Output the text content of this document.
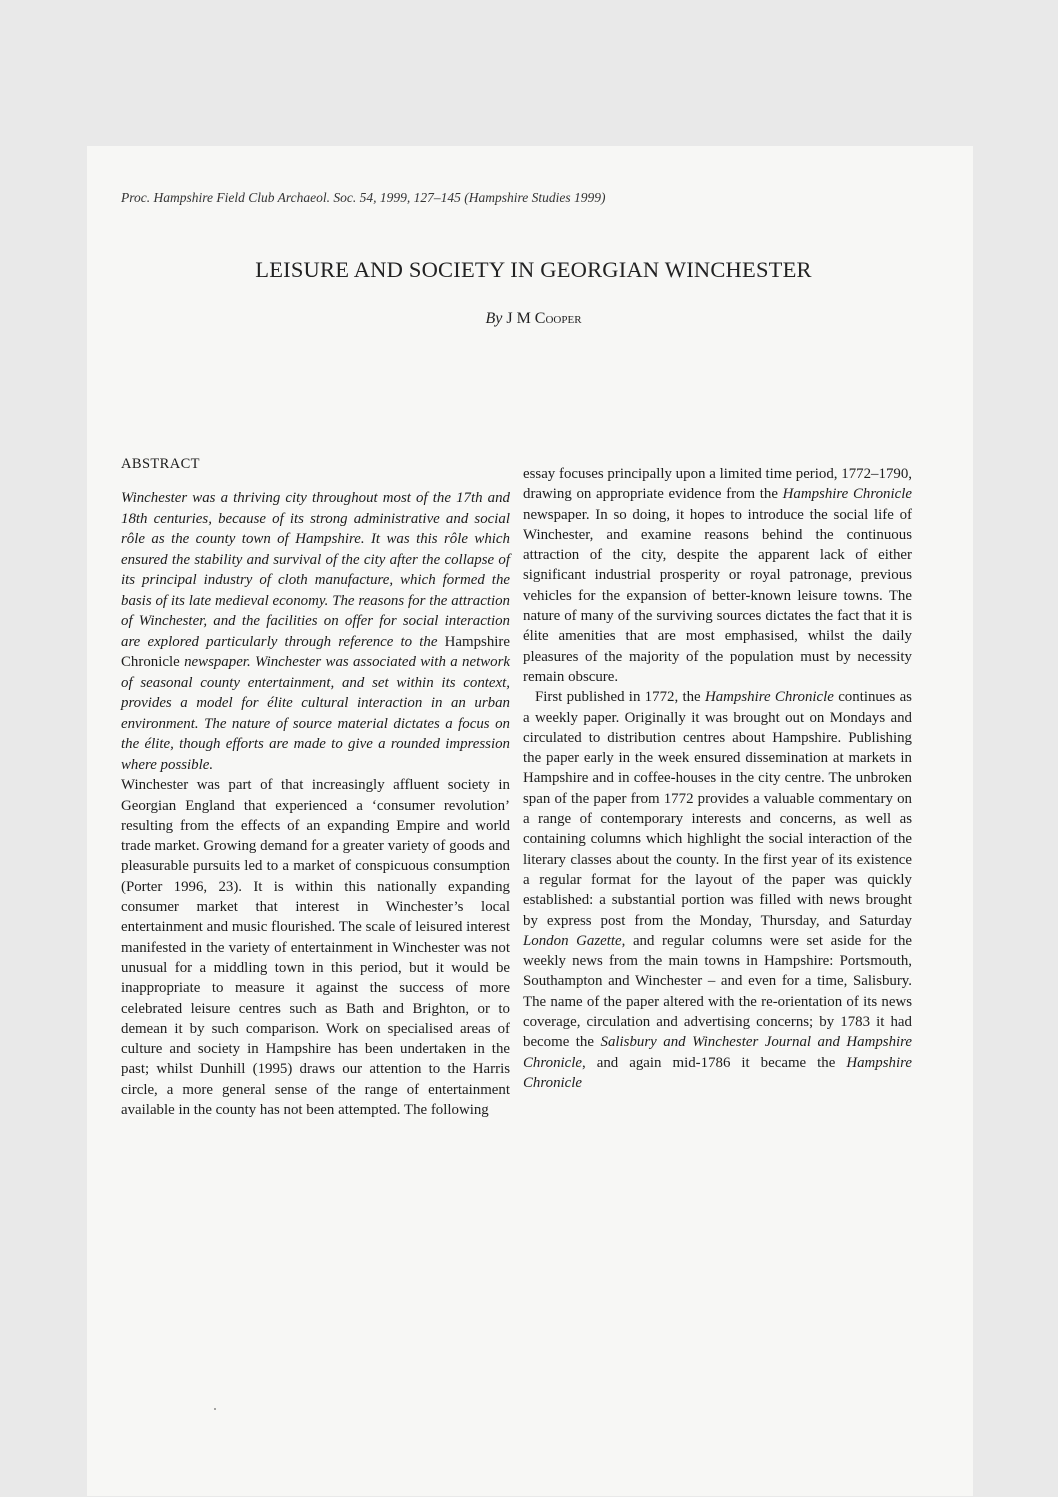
Proc. Hampshire Field Club Archaeol. Soc. 54, 1999, 127–145 (Hampshire Studies 1999)
LEISURE AND SOCIETY IN GEORGIAN WINCHESTER
By J M Cooper
ABSTRACT

Winchester was a thriving city throughout most of the 17th and 18th centuries, because of its strong administrative and social rôle as the county town of Hampshire. It was this rôle which ensured the stability and survival of the city after the collapse of its principal industry of cloth manufacture, which formed the basis of its late medieval economy. The reasons for the attraction of Winchester, and the facilities on offer for social interaction are explored particularly through reference to the Hampshire Chronicle newspaper. Winchester was associated with a network of seasonal county entertainment, and set within its context, provides a model for élite cultural interaction in an urban environment. The nature of source material dictates a focus on the élite, though efforts are made to give a rounded impression where possible.

Winchester was part of that increasingly affluent society in Georgian England that experienced a ‘consumer revolution’ resulting from the effects of an expanding Empire and world trade market. Growing demand for a greater variety of goods and pleasurable pursuits led to a market of conspicuous consumption (Porter 1996, 23). It is within this nationally expanding consumer market that interest in Winchester’s local entertainment and music flourished. The scale of leisured interest manifested in the variety of entertainment in Winchester was not unusual for a middling town in this period, but it would be inappropriate to measure it against the success of more celebrated leisure centres such as Bath and Brighton, or to demean it by such comparison. Work on specialised areas of culture and society in Hampshire has been undertaken in the past; whilst Dunhill (1995) draws our attention to the Harris circle, a more general sense of the range of entertainment available in the county has not been attempted. The following

essay focuses principally upon a limited time period, 1772–1790, drawing on appropriate evidence from the Hampshire Chronicle newspaper. In so doing, it hopes to introduce the social life of Winchester, and examine reasons behind the continuous attraction of the city, despite the apparent lack of either significant industrial prosperity or royal patronage, previous vehicles for the expansion of better-known leisure towns. The nature of many of the surviving sources dictates the fact that it is élite amenities that are most emphasised, whilst the daily pleasures of the majority of the population must by necessity remain obscure.

First published in 1772, the Hampshire Chronicle continues as a weekly paper. Originally it was brought out on Mondays and circulated to distribution centres about Hampshire. Publishing the paper early in the week ensured dissemination at markets in Hampshire and in coffee-houses in the city centre. The unbroken span of the paper from 1772 provides a valuable commentary on a range of contemporary interests and concerns, as well as containing columns which highlight the social interaction of the literary classes about the county. In the first year of its existence a regular format for the layout of the paper was quickly established: a substantial portion was filled with news brought by express post from the Monday, Thursday, and Saturday London Gazette, and regular columns were set aside for the weekly news from the main towns in Hampshire: Portsmouth, Southampton and Winchester – and even for a time, Salisbury. The name of the paper altered with the re-orientation of its news coverage, circulation and advertising concerns; by 1783 it had become the Salisbury and Winchester Journal and Hampshire Chronicle, and again mid-1786 it became the Hampshire Chronicle
